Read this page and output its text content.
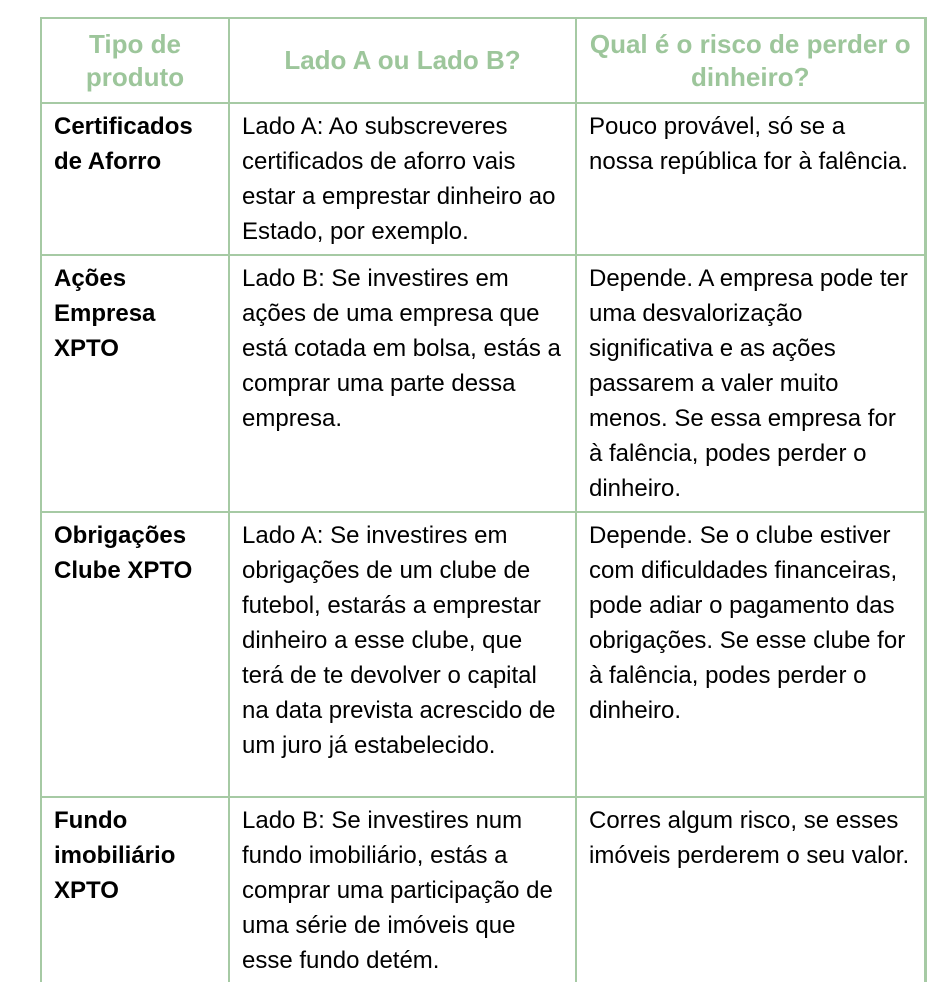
Tipo de produto	Lado A ou Lado B?	Qual é o risco de perder o dinheiro?
Certificados de Aforro	Lado A: Ao subscreveres certificados de aforro vais estar a emprestar dinheiro ao Estado, por exemplo.	Pouco provável, só se a nossa república for à falência.
Ações Empresa XPTO	Lado B: Se investires em ações de uma empresa que está cotada em bolsa, estás a comprar uma parte dessa empresa.	Depende. A empresa pode ter uma desvalorização significativa e as ações passarem a valer muito menos. Se essa empresa for à falência, podes perder o dinheiro.
Obrigações Clube XPTO	Lado A: Se investires em obrigações de um clube de futebol, estarás a emprestar dinheiro a esse clube, que terá de te devolver o capital na data prevista acrescido de um juro já estabelecido.	Depende. Se o clube estiver com dificuldades financeiras, pode adiar o pagamento das obrigações. Se esse clube for à falência, podes perder o dinheiro.
Fundo imobiliário XPTO	Lado B: Se investires num fundo imobiliário, estás a comprar uma participação de uma série de imóveis que esse fundo detém.	Corres algum risco, se esses imóveis perderem o seu valor.
